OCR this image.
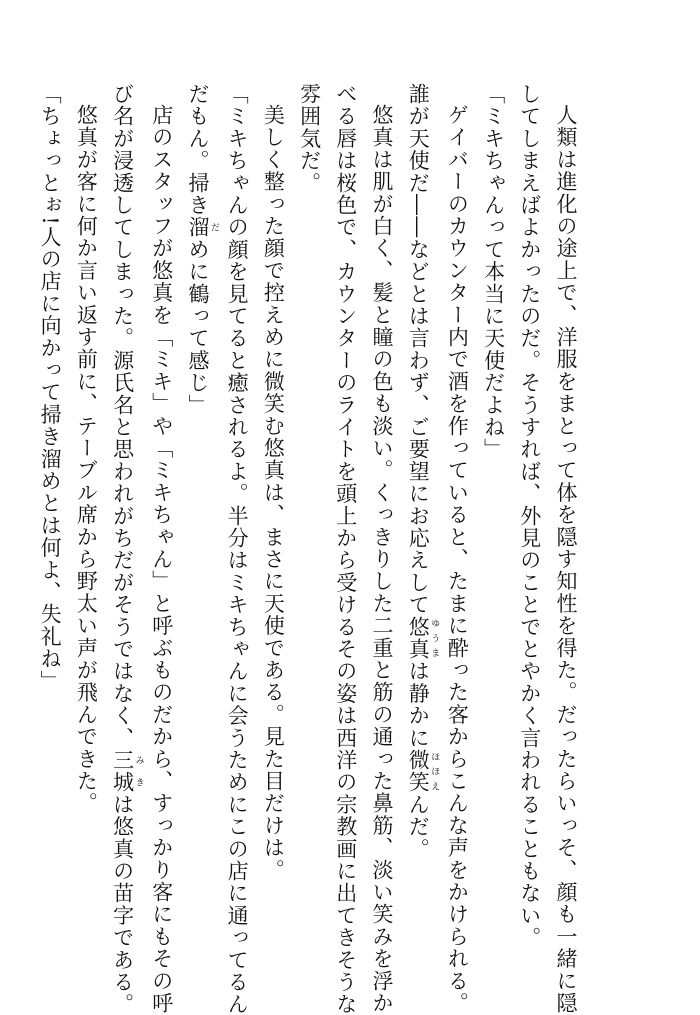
人類は進化の途上で、洋服をまとって体を隠す知性を得た。だったらいっそ、顔も一緒に隠
してしまえばよかったのだ。そうすれば、外見のことでとやかく言われることもない。
「ミキちゃんって本当に天使だよね」
ゲイバーのカウンター内で酒を作っていると、たまに酔った客からこんな声をかけられる。
誰が天使だ――などとは言わず、ご要望にお応えして悠真 ゆうまは静かに微笑 ほほえんだ。
悠真は肌が白く、髪と瞳の色も淡い。くっきりした二重と筋の通った鼻筋、淡い笑みを浮か
べる唇は桜色で、カウンターのライトを頭上から受けるその姿は西洋の宗教画に出てきそうな
雰囲気だ。
美しく整った顔で控えめに微笑む悠真は、まさに天使である。見た目だけは。
「ミキちゃんの顔を見てると癒されるよ。半分はミキちゃんに会うためにこの店に通ってるん
だもん。掃き溜 だめに鶴って感じ」
店のスタッフが悠真を「ミキ」や「ミキちゃん」と呼ぶものだから、すっかり客にもその呼
び名が浸透してしまった。源氏名と思われがちだがそうではなく、三城 みきは悠真の苗字である。
悠真が客に何か言い返す前に、テーブル席から野太い声が飛んできた。
「ちょっとぉ!人の店に向かって掃き溜めとは何よ、失礼ね」
